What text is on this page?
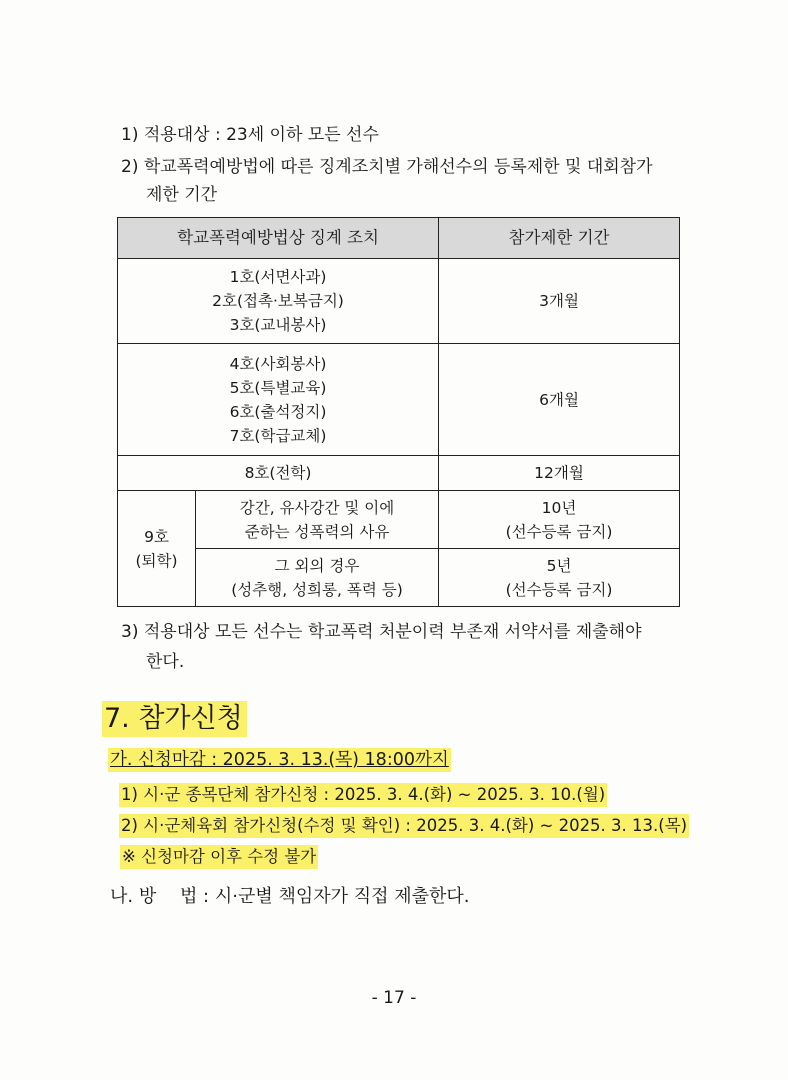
1) 적용대상 : 23세 이하 모든 선수
2) 학교폭력예방법에 따른 징계조치별 가해선수의 등록제한 및 대회참가
제한 기간
학교폭력예방법상 징계 조치		참가제한 기간

1호(서면사과)
2호(접촉·보복금지)
3호(교내봉사)		3개월

4호(사회봉사)
5호(특별교육)
6호(출석정지)
7호(학급교체)		6개월
8호(전학)		12개월

9호
(퇴학)	강간, 유사강간 및 이에
준하는 성폭력의 사유	10년
(선수등록 금지)

	그 외의 경우
(성추행, 성희롱, 폭력 등)	5년
(선수등록 금지)
3) 적용대상 모든 선수는 학교폭력 처분이력 부존재 서약서를 제출해야
한다.
7. 참가신청
가. 신청마감 : 2025. 3. 13.(목) 18:00까지
1) 시·군 종목단체 참가신청 : 2025. 3. 4.(화) ~ 2025. 3. 10.(월)
2) 시·군체육회 참가신청(수정 및 확인) : 2025. 3. 4.(화) ~ 2025. 3. 13.(목)
※ 신청마감 이후 수정 불가
나. 방　 법 : 시·군별 책임자가 직접 제출한다.
- 17 -
